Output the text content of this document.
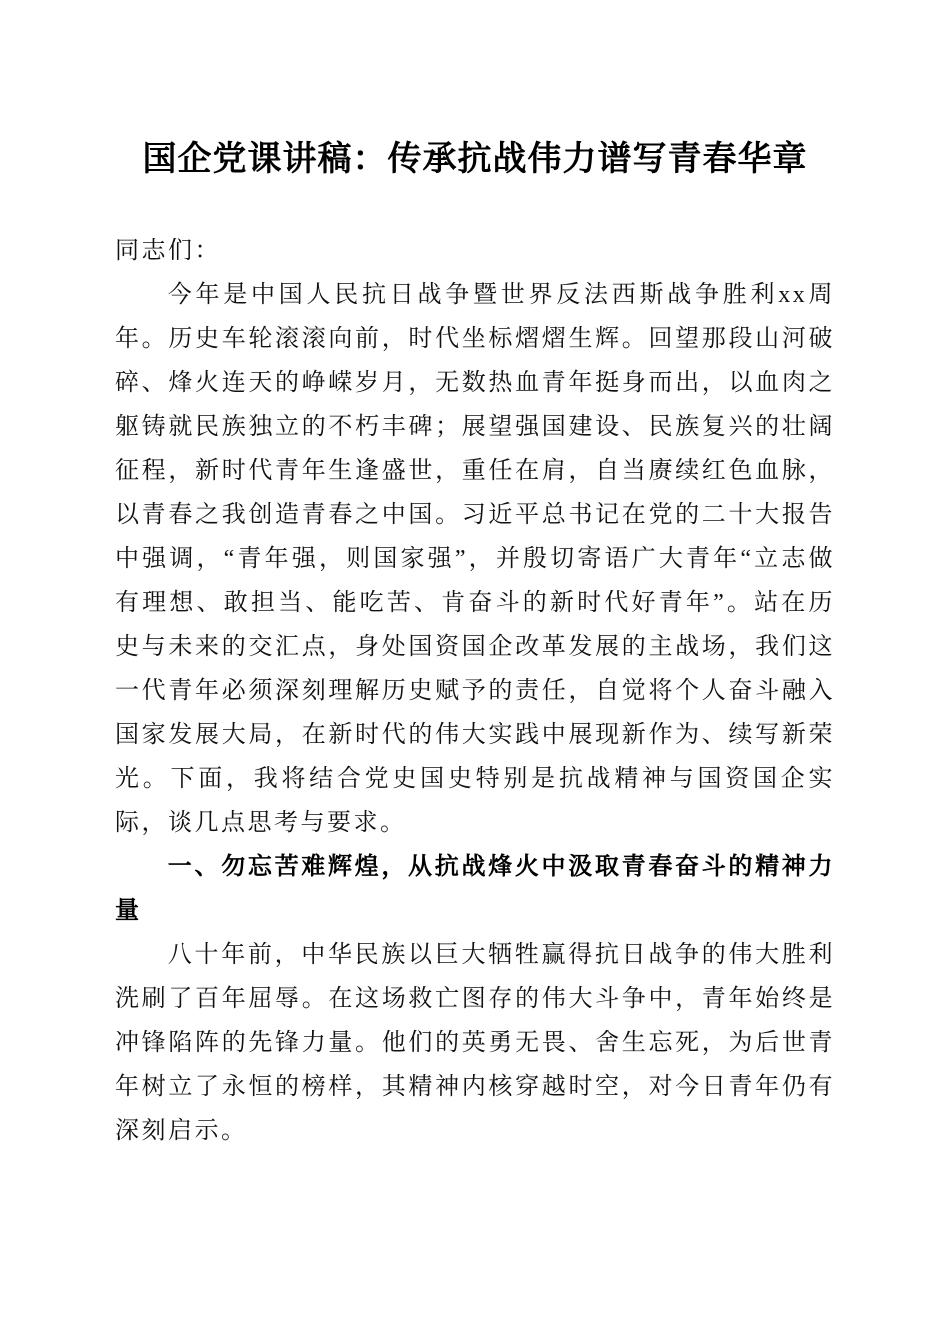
国企党课讲稿：传承抗战伟力谱写青春华章

同志们：

今年是中国人民抗日战争暨世界反法西斯战争胜利xx周年。历史车轮滚滚向前，时代坐标熠熠生辉。回望那段山河破碎、烽火连天的峥嵘岁月，无数热血青年挺身而出，以血肉之躯铸就民族独立的不朽丰碑；展望强国建设、民族复兴的壮阔征程，新时代青年生逢盛世，重任在肩，自当赓续红色血脉，以青春之我创造青春之中国。习近平总书记在党的二十大报告中强调，“青年强，则国家强”，并殷切寄语广大青年“立志做有理想、敢担当、能吃苦、肯奋斗的新时代好青年”。站在历史与未来的交汇点，身处国资国企改革发展的主战场，我们这一代青年必须深刻理解历史赋予的责任，自觉将个人奋斗融入国家发展大局，在新时代的伟大实践中展现新作为、续写新荣光。下面，我将结合党史国史特别是抗战精神与国资国企实际，谈几点思考与要求。

一、勿忘苦难辉煌，从抗战烽火中汲取青春奋斗的精神力量

八十年前，中华民族以巨大牺牲赢得抗日战争的伟大胜利洗刷了百年屈辱。在这场救亡图存的伟大斗争中，青年始终是冲锋陷阵的先锋力量。他们的英勇无畏、舍生忘死，为后世青年树立了永恒的榜样，其精神内核穿越时空，对今日青年仍有深刻启示。
